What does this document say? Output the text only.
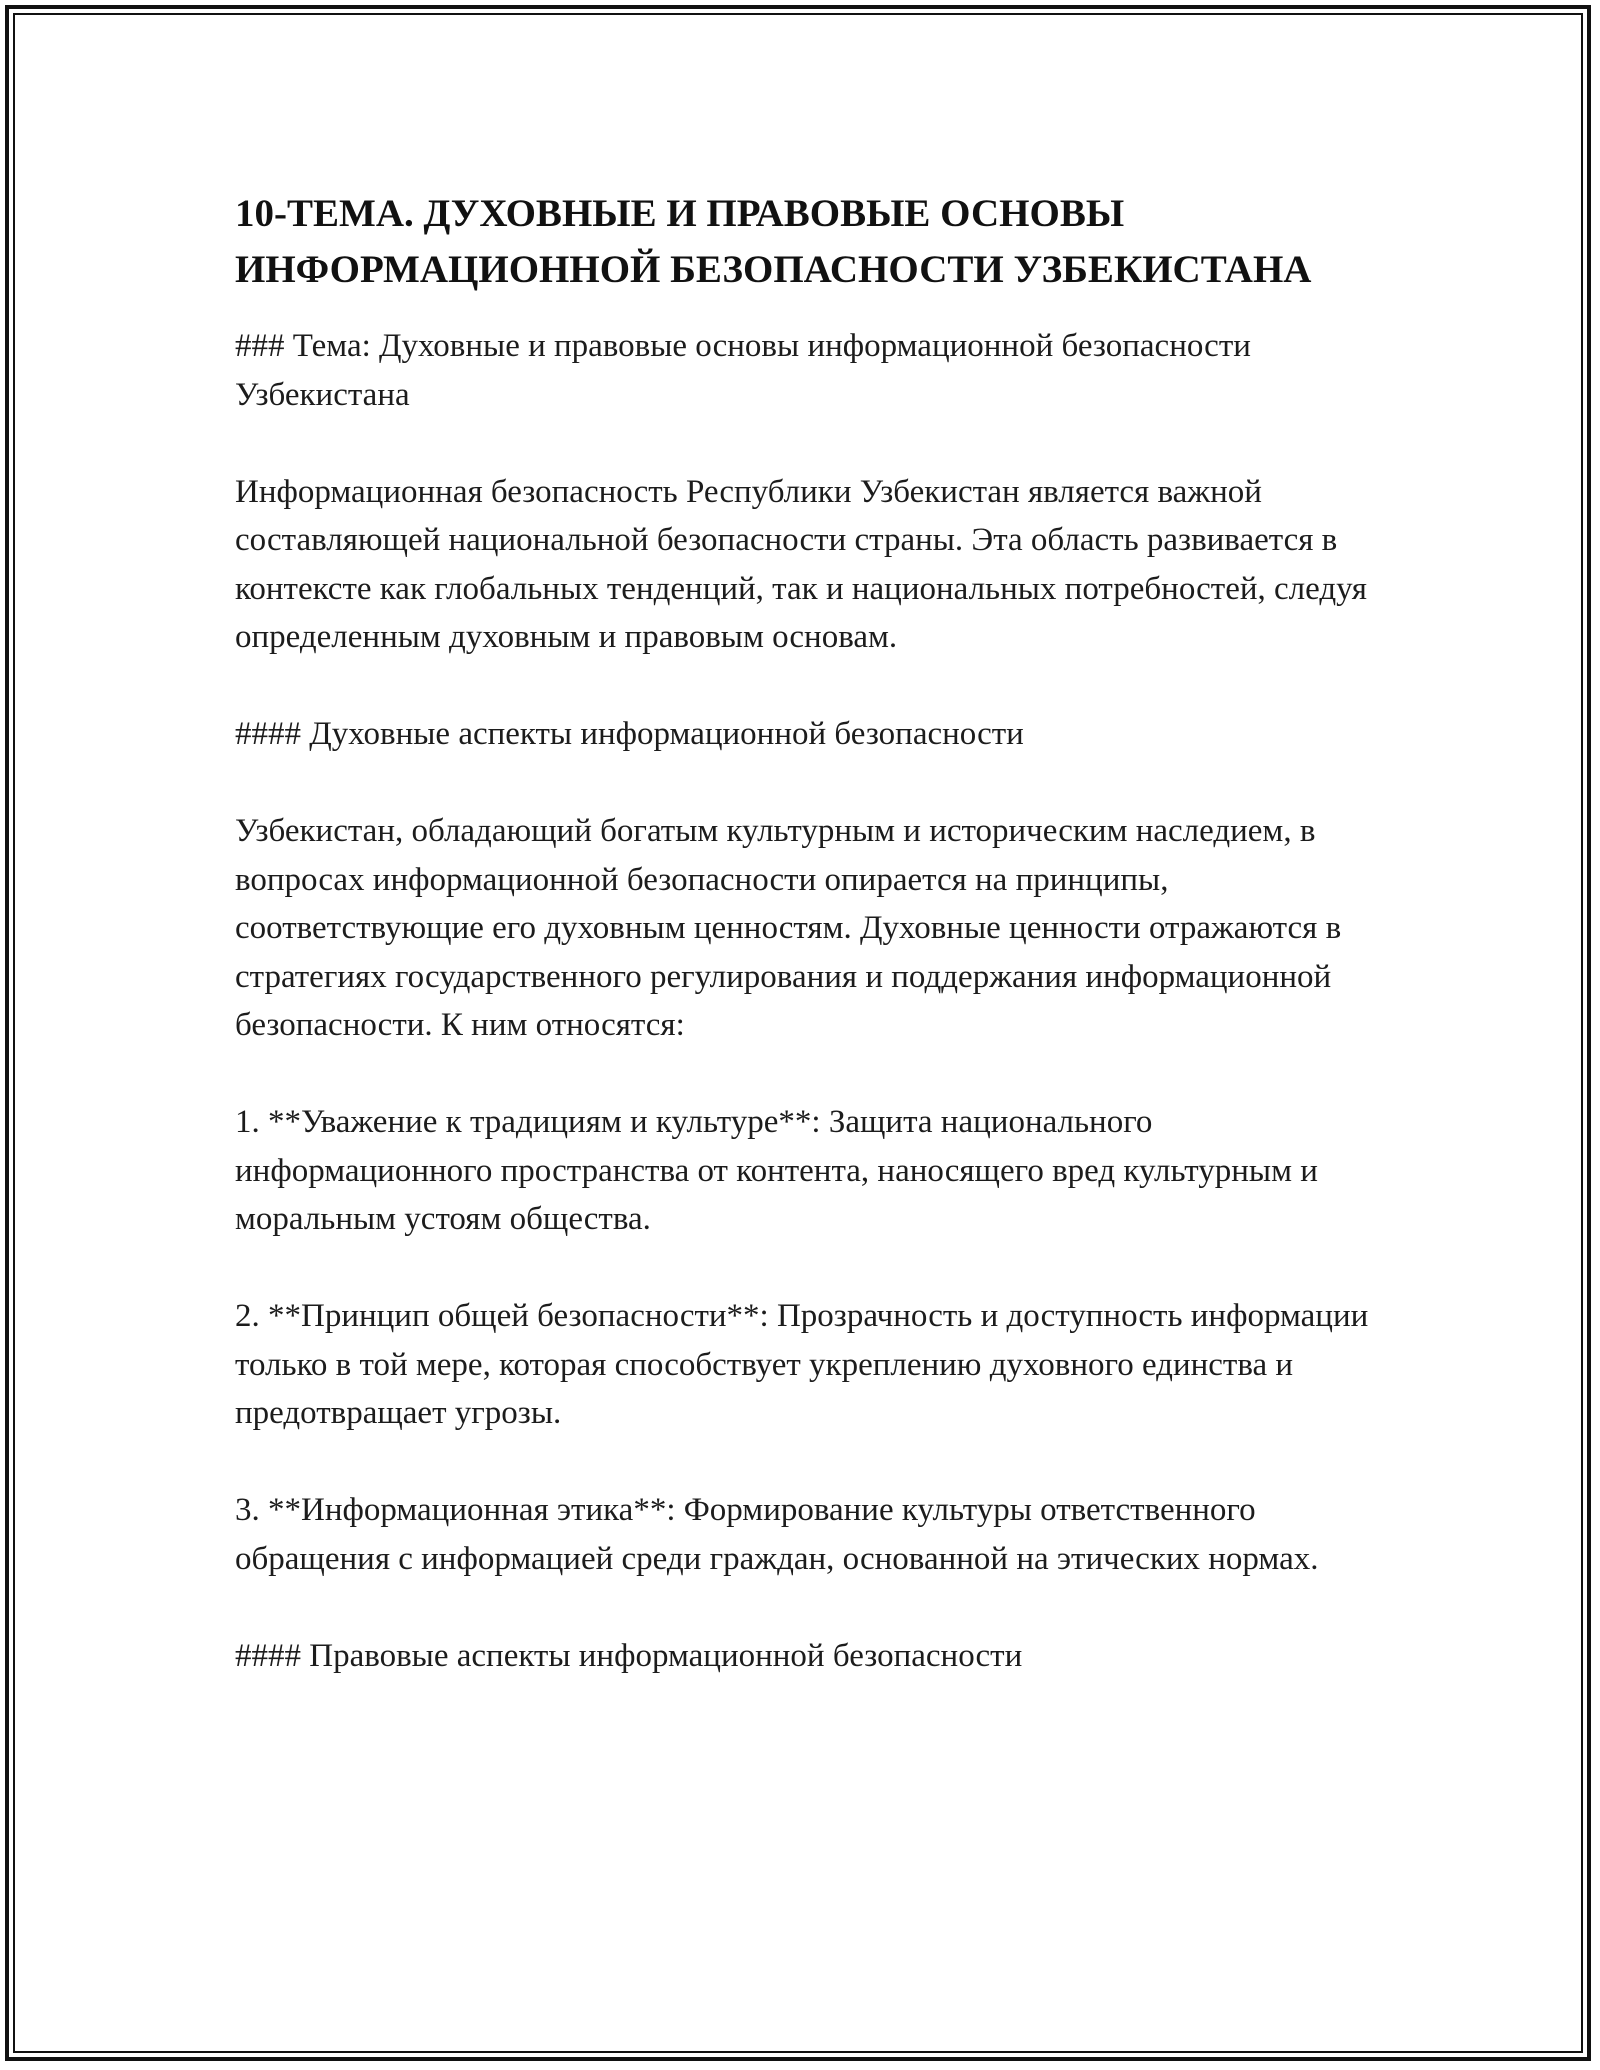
10-ТЕМА. ДУХОВНЫЕ И ПРАВОВЫЕ ОСНОВЫ ИНФОРМАЦИОННОЙ БЕЗОПАСНОСТИ УЗБЕКИСТАНА

### Тема: Духовные и правовые основы информационной безопасности Узбекистана

Информационная безопасность Республики Узбекистан является важной составляющей национальной безопасности страны. Эта область развивается в контексте как глобальных тенденций, так и национальных потребностей, следуя определенным духовным и правовым основам.

#### Духовные аспекты информационной безопасности

Узбекистан, обладающий богатым культурным и историческим наследием, в вопросах информационной безопасности опирается на принципы, соответствующие его духовным ценностям. Духовные ценности отражаются в стратегиях государственного регулирования и поддержания информационной безопасности. К ним относятся:

1. **Уважение к традициям и культуре**: Защита национального информационного пространства от контента, наносящего вред культурным и моральным устоям общества.

2. **Принцип общей безопасности**: Прозрачность и доступность информации только в той мере, которая способствует укреплению духовного единства и предотвращает угрозы.

3. **Информационная этика**: Формирование культуры ответственного обращения с информацией среди граждан, основанной на этических нормах.

#### Правовые аспекты информационной безопасности
